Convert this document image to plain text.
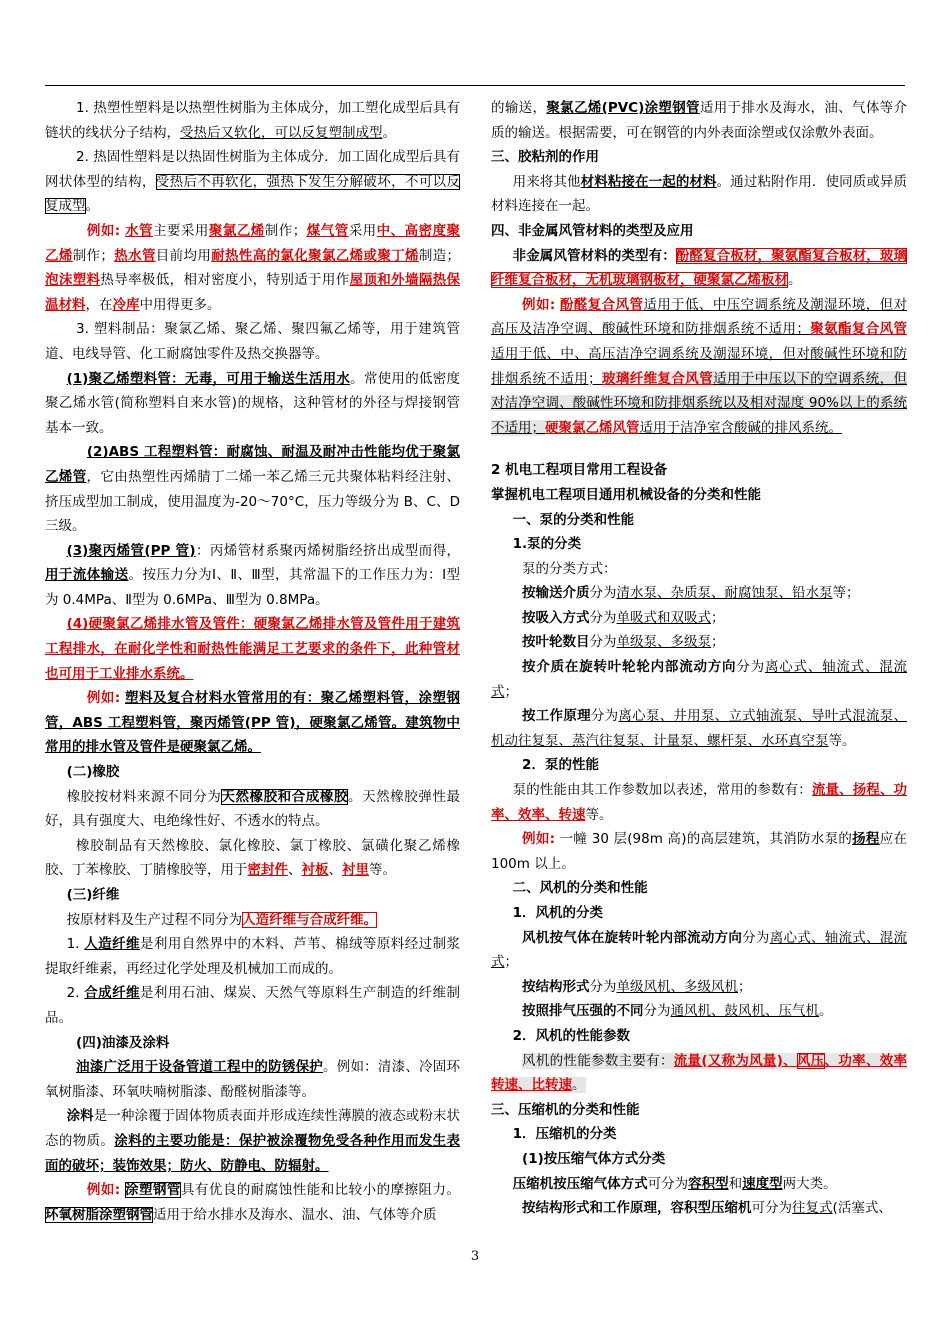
1. 热塑性塑料是以热塑性树脂为主体成分，加工塑化成型后具有链状的线状分子结构，受热后又软化，可以反复塑制成型。

2. 热固性塑料是以热固性树脂为主体成分．加工固化成型后具有网状体型的结构，受热后不再软化，强热下发生分解破坏，不可以反复成型。

例如: 水管主要采用聚氯乙烯制作；煤气管采用中、高密度聚乙烯制作；热水管目前均用耐热性高的氯化聚氯乙烯或聚丁烯制造；泡沫塑料热导率极低，相对密度小，特别适于用作屋顶和外墙隔热保温材料，在冷库中用得更多。

3. 塑料制品：聚氯乙烯、聚乙烯、聚四氟乙烯等，用于建筑管道、电线导管、化工耐腐蚀零件及热交换器等。

(1)聚乙烯塑料管：无毒，可用于输送生活用水。常使用的低密度聚乙烯水管(简称塑料自来水管)的规格，这种管材的外径与焊接钢管基本一致。

(2)ABS 工程塑料管：耐腐蚀、耐温及耐冲击性能均优于聚氯乙烯管，它由热塑性丙烯腈丁二烯一苯乙烯三元共聚体粘料经注射、挤压成型加工制成，使用温度为-20～70°C，压力等级分为 B、C、D 三级。

(3)聚丙烯管(PP 管)：丙烯管材系聚丙烯树脂经挤出成型而得，用于流体输送。按压力分为Ⅰ、Ⅱ、Ⅲ型，其常温下的工作压力为：Ⅰ型为 0.4MPa、Ⅱ型为 0.6MPa、Ⅲ型为 0.8MPa。

(4)硬聚氯乙烯排水管及管件：硬聚氯乙烯排水管及管件用于建筑工程排水，在耐化学性和耐热性能满足工艺要求的条件下，此种管材也可用于工业排水系统。

例如: 塑料及复合材料水管常用的有：聚乙烯塑料管，涂塑钢管，ABS 工程塑料管，聚丙烯管(PP 管)，硬聚氯乙烯管。建筑物中常用的排水管及管件是硬聚氯乙烯。

(二)橡胶

橡胶按材料来源不同分为天然橡胶和合成橡胶。天然橡胶弹性最好，具有强度大、电绝缘性好、不透水的特点。

橡胶制品有天然橡胶、氯化橡胶、氯丁橡胶、氯磺化聚乙烯橡胶、丁苯橡胶、丁腈橡胶等，用于密封件、衬板、衬里等。

(三)纤维

按原材料及生产过程不同分为人造纤维与合成纤维。

1. 人造纤维是利用自然界中的木料、芦苇、棉绒等原料经过制浆提取纤维素，再经过化学处理及机械加工而成的。

2. 合成纤维是利用石油、煤炭、天然气等原料生产制造的纤维制品。

(四)油漆及涂料

油漆广泛用于设备管道工程中的防锈保护。例如：清漆、冷固环氧树脂漆、环氧呋喃树脂漆、酚醛树脂漆等。

涂料是一种涂覆于固体物质表面并形成连续性薄膜的液态或粉末状态的物质。涂料的主要功能是：保护被涂覆物免受各种作用而发生表面的破坏；装饰效果；防火、防静电、防辐射。

例如: 涂塑钢管具有优良的耐腐蚀性能和比较小的摩擦阻力。环氧树脂涂塑钢管适用于给水排水及海水、温水、油、气体等介质

的输送，聚氯乙烯(PVC)涂塑钢管适用于排水及海水，油、气体等介质的输送。根据需要，可在钢管的内外表面涂塑或仅涂敷外表面。

三、胶粘剂的作用

用来将其他材料粘接在一起的材料。通过粘附作用．使同质或异质材料连接在一起。

四、非金属风管材料的类型及应用

非金属风管材料的类型有：酚醛复合板材，聚氨酯复合板材，玻璃纤维复合板材，无机玻璃钢板材，硬聚氯乙烯板材。

例如: 酚醛复合风管适用于低、中压空调系统及潮湿环境，但对高压及洁净空调、酸碱性环境和防排烟系统不适用；聚氨酯复合风管适用于低、中、高压洁净空调系统及潮湿环境，但对酸碱性环境和防排烟系统不适用；玻璃纤维复合风管适用于中压以下的空调系统，但对洁净空调、酸碱性环境和防排烟系统以及相对湿度 90%以上的系统不适用；硬聚氯乙烯风管适用于洁净室含酸碱的排风系统。

2 机电工程项目常用工程设备

掌握机电工程项目通用机械设备的分类和性能

一、泵的分类和性能

1.泵的分类

泵的分类方式：

按输送介质分为清水泵、杂质泵、耐腐蚀泵、铅水泵等；

按吸入方式分为单吸式和双吸式；

按叶轮数目分为单级泵、多级泵；

按介质在旋转叶轮轮内部流动方向分为离心式、轴流式、混流式；

按工作原理分为离心泵、井用泵、立式轴流泵、导叶式混流泵、机动往复泵、蒸汽往复泵、计量泵、螺杆泵、水环真空泵等。

2．泵的性能

泵的性能由其工作参数加以表述，常用的参数有：流量、扬程、功率、效率、转速等。

例如: 一幢 30 层(98m 高)的高层建筑，其消防水泵的扬程应在 100m 以上。

二、风机的分类和性能

1．风机的分类

风机按气体在旋转叶轮内部流动方向分为离心式、轴流式、混流式；

按结构形式分为单级风机、多级风机；

按照排气压强的不同分为通风机、鼓风机、压气机。

2．风机的性能参数

风机的性能参数主要有：流量(又称为风量)、风压、功率、效率转速、比转速。

三、压缩机的分类和性能

1．压缩机的分类

(1)按压缩气体方式分类

压缩机按压缩气体方式可分为容积型和速度型两大类。

按结构形式和工作原理，容积型压缩机可分为往复式(活塞式、

3
